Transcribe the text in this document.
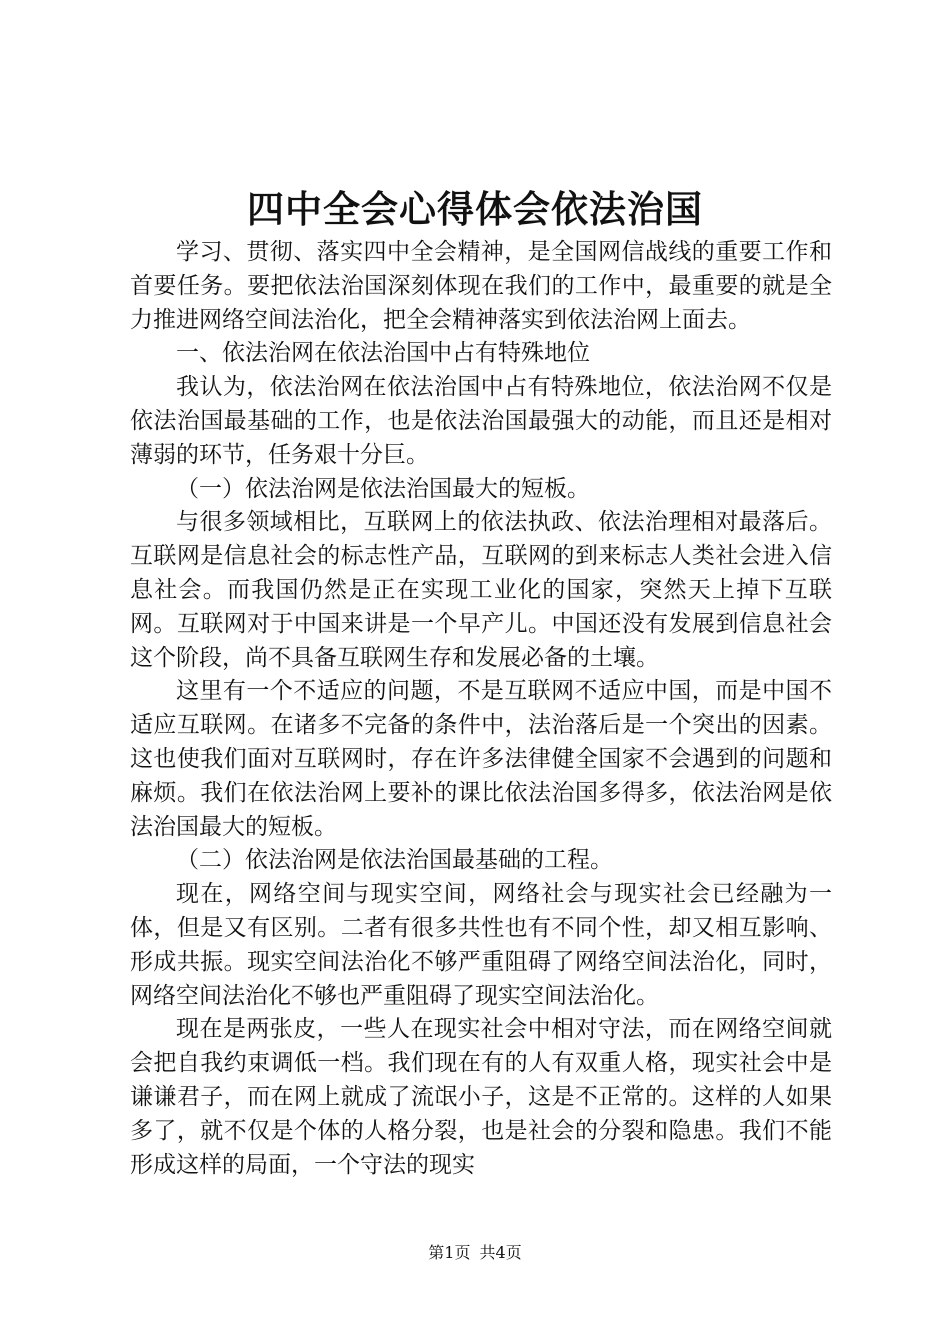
四中全会心得体会依法治国

学习、贯彻、落实四中全会精神，是全国网信战线的重要工作和首要任务。要把依法治国深刻体现在我们的工作中，最重要的就是全力推进网络空间法治化，把全会精神落实到依法治网上面去。

一、依法治网在依法治国中占有特殊地位

我认为，依法治网在依法治国中占有特殊地位，依法治网不仅是依法治国最基础的工作，也是依法治国最强大的动能，而且还是相对薄弱的环节，任务艰十分巨。

（一）依法治网是依法治国最大的短板。

与很多领域相比，互联网上的依法执政、依法治理相对最落后。互联网是信息社会的标志性产品，互联网的到来标志人类社会进入信息社会。而我国仍然是正在实现工业化的国家，突然天上掉下互联网。互联网对于中国来讲是一个早产儿。中国还没有发展到信息社会这个阶段，尚不具备互联网生存和发展必备的土壤。

这里有一个不适应的问题，不是互联网不适应中国，而是中国不适应互联网。在诸多不完备的条件中，法治落后是一个突出的因素。这也使我们面对互联网时，存在许多法律健全国家不会遇到的问题和麻烦。我们在依法治网上要补的课比依法治国多得多，依法治网是依法治国最大的短板。

（二）依法治网是依法治国最基础的工程。

现在，网络空间与现实空间，网络社会与现实社会已经融为一体，但是又有区别。二者有很多共性也有不同个性，却又相互影响、形成共振。现实空间法治化不够严重阻碍了网络空间法治化，同时，网络空间法治化不够也严重阻碍了现实空间法治化。

现在是两张皮，一些人在现实社会中相对守法，而在网络空间就会把自我约束调低一档。我们现在有的人有双重人格，现实社会中是谦谦君子，而在网上就成了流氓小子，这是不正常的。这样的人如果多了，就不仅是个体的人格分裂，也是社会的分裂和隐患。我们不能形成这样的局面，一个守法的现实

第1页 共4页
